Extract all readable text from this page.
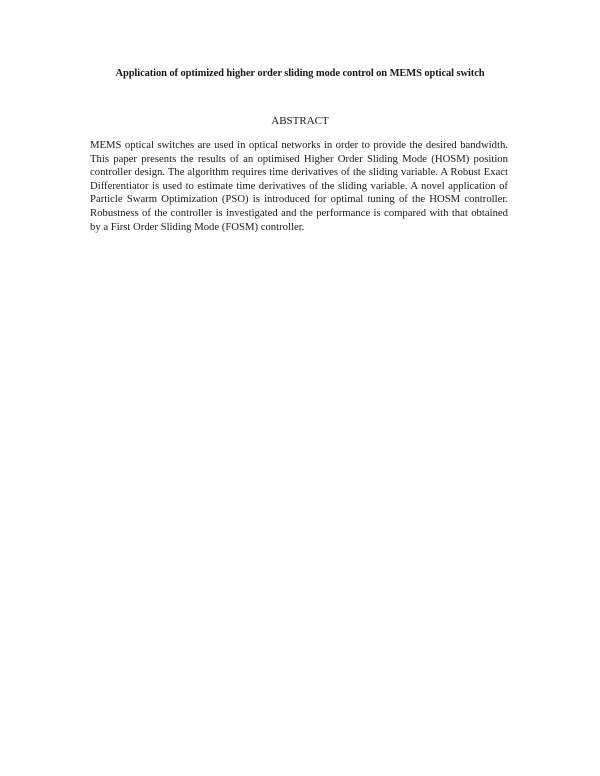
Application of optimized higher order sliding mode control on MEMS optical switch
ABSTRACT

MEMS optical switches are used in optical networks in order to provide the desired bandwidth. This paper presents the results of an optimised Higher Order Sliding Mode (HOSM) position controller design. The algorithm requires time derivatives of the sliding variable. A Robust Exact Differentiator is used to estimate time derivatives of the sliding variable. A novel application of Particle Swarm Optimization (PSO) is introduced for optimal tuning of the HOSM controller. Robustness of the controller is investigated and the performance is compared with that obtained by a First Order Sliding Mode (FOSM) controller.
